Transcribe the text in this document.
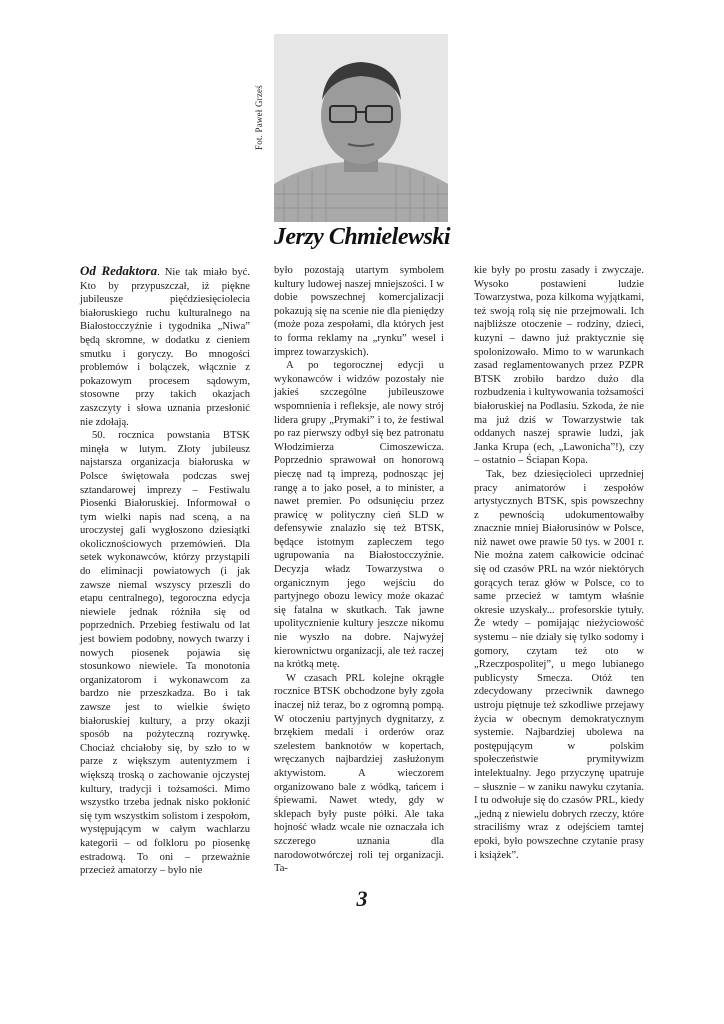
Fot. Paweł Grześ
Jerzy Chmielewski

Od Redaktora. Nie tak miało być. Kto by przypuszczał, iż piękne jubileusze pięćdziesięciolecia białoruskiego ruchu kulturalnego na Białostocczyźnie i tygodnika „Niwa” będą skromne, w dodatku z cieniem smutku i goryczy. Bo mnogości problemów i bolączek, włącznie z pokazowym procesem sądowym, stosowne przy takich okazjach zaszczyty i słowa uznania przesłonić nie zdołają.

50. rocznica powstania BTSK minęła w lutym. Złoty jubileusz najstarsza organizacja białoruska w Polsce świętowała podczas swej sztandarowej imprezy – Festiwalu Piosenki Białoruskiej. Informował o tym wielki napis nad sceną, a na uroczystej gali wygłoszono dziesiątki okolicznościowych przemówień. Dla setek wykonawców, którzy przystąpili do eliminacji powiatowych (i jak zawsze niemal wszyscy przeszli do etapu centralnego), tegoroczna edycja niewiele jednak różniła się od poprzednich. Przebieg festiwalu od lat jest bowiem podobny, nowych twarzy i nowych piosenek pojawia się stosunkowo niewiele. Ta monotonia organizatorom i wykonawcom za bardzo nie przeszkadza. Bo i tak zawsze jest to wielkie święto białoruskiej kultury, a przy okazji sposób na pożyteczną rozrywkę. Chociaż chciałoby się, by szło to w parze z większym autentyzmem i większą troską o zachowanie ojczystej kultury, tradycji i tożsamości. Mimo wszystko trzeba jednak nisko pokłonić się tym wszystkim solistom i zespołom, występującym w całym wachlarzu kategorii – od folkloru po piosenkę estradową. To oni – przeważnie przecież amatorzy – było nie

było pozostają utartym symbolem kultury ludowej naszej mniejszości. I w dobie powszechnej komercjalizacji pokazują się na scenie nie dla pieniędzy (może poza zespołami, dla których jest to forma reklamy na „rynku” wesel i imprez towarzyskich).

A po tegorocznej edycji u wykonawców i widzów pozostały nie jakieś szczególne jubileuszowe wspomnienia i refleksje, ale nowy strój lidera grupy „Prymaki” i to, że festiwal po raz pierwszy odbył się bez patronatu Włodzimierza Cimoszewicza. Poprzednio sprawował on honorową pieczę nad tą imprezą, podnosząc jej rangę a to jako poseł, a to minister, a nawet premier. Po odsunięciu przez prawicę w polityczny cień SLD w defensywie znalazło się też BTSK, będące istotnym zapleczem tego ugrupowania na Białostocczyźnie. Decyzja władz Towarzystwa o organicznym jego wejściu do partyjnego obozu lewicy może okazać się fatalna w skutkach. Tak jawne upolitycznienie kultury jeszcze nikomu nie wyszło na dobre. Najwyżej kierownictwu organizacji, ale też raczej na krótką metę.

W czasach PRL kolejne okrągłe rocznice BTSK obchodzone były zgoła inaczej niż teraz, bo z ogromną pompą. W otoczeniu partyjnych dygnitarzy, z brzękiem medali i orderów oraz szelestem banknotów w kopertach, wręczanych najbardziej zasłużonym aktywistom. A wieczorem organizowano bale z wódką, tańcem i śpiewami. Nawet wtedy, gdy w sklepach były puste półki. Ale taka hojność władz wcale nie oznaczała ich szczerego uznania dla narodowotwórczej roli tej organizacji. Ta-

kie były po prostu zasady i zwyczaje. Wysoko postawieni ludzie Towarzystwa, poza kilkoma wyjątkami, też swoją rolą się nie przejmowali. Ich najbliższe otoczenie – rodziny, dzieci, kuzyni – dawno już praktycznie się spolonizowało. Mimo to w warunkach zasad reglamentowanych przez PZPR BTSK zrobiło bardzo dużo dla rozbudzenia i kultywowania tożsamości białoruskiej na Podlasiu. Szkoda, że nie ma już dziś w Towarzystwie tak oddanych naszej sprawie ludzi, jak Janka Krupa (ech, „Lawonicha”!), czy – ostatnio – Ściapan Kopa.

Tak, bez dziesięcioleci uprzedniej pracy animatorów i zespołów artystycznych BTSK, spis powszechny z pewnością udokumentowałby znacznie mniej Białorusinów w Polsce, niż nawet owe prawie 50 tys. w 2001 r. Nie można zatem całkowicie odcinać się od czasów PRL na wzór niektórych gorących teraz głów w Polsce, co to same przecież w tamtym właśnie okresie uzyskały... profesorskie tytuły. Że wtedy – pomijając nieżyciowość systemu – nie działy się tylko sodomy i gomory, czytam też oto w „Rzeczpospolitej”, u mego lubianego publicysty Smecza. Otóż ten zdecydowany przeciwnik dawnego ustroju piętnuje też szkodliwe przejawy życia w obecnym demokratycznym systemie. Najbardziej ubolewa na postępującym w polskim społeczeństwie prymitywizm intelektualny. Jego przyczynę upatruje – słusznie – w zaniku nawyku czytania. I tu odwołuje się do czasów PRL, kiedy „jedną z niewielu dobrych rzeczy, które straciliśmy wraz z odejściem tamtej epoki, było powszechne czytanie prasy i książek”.

3
